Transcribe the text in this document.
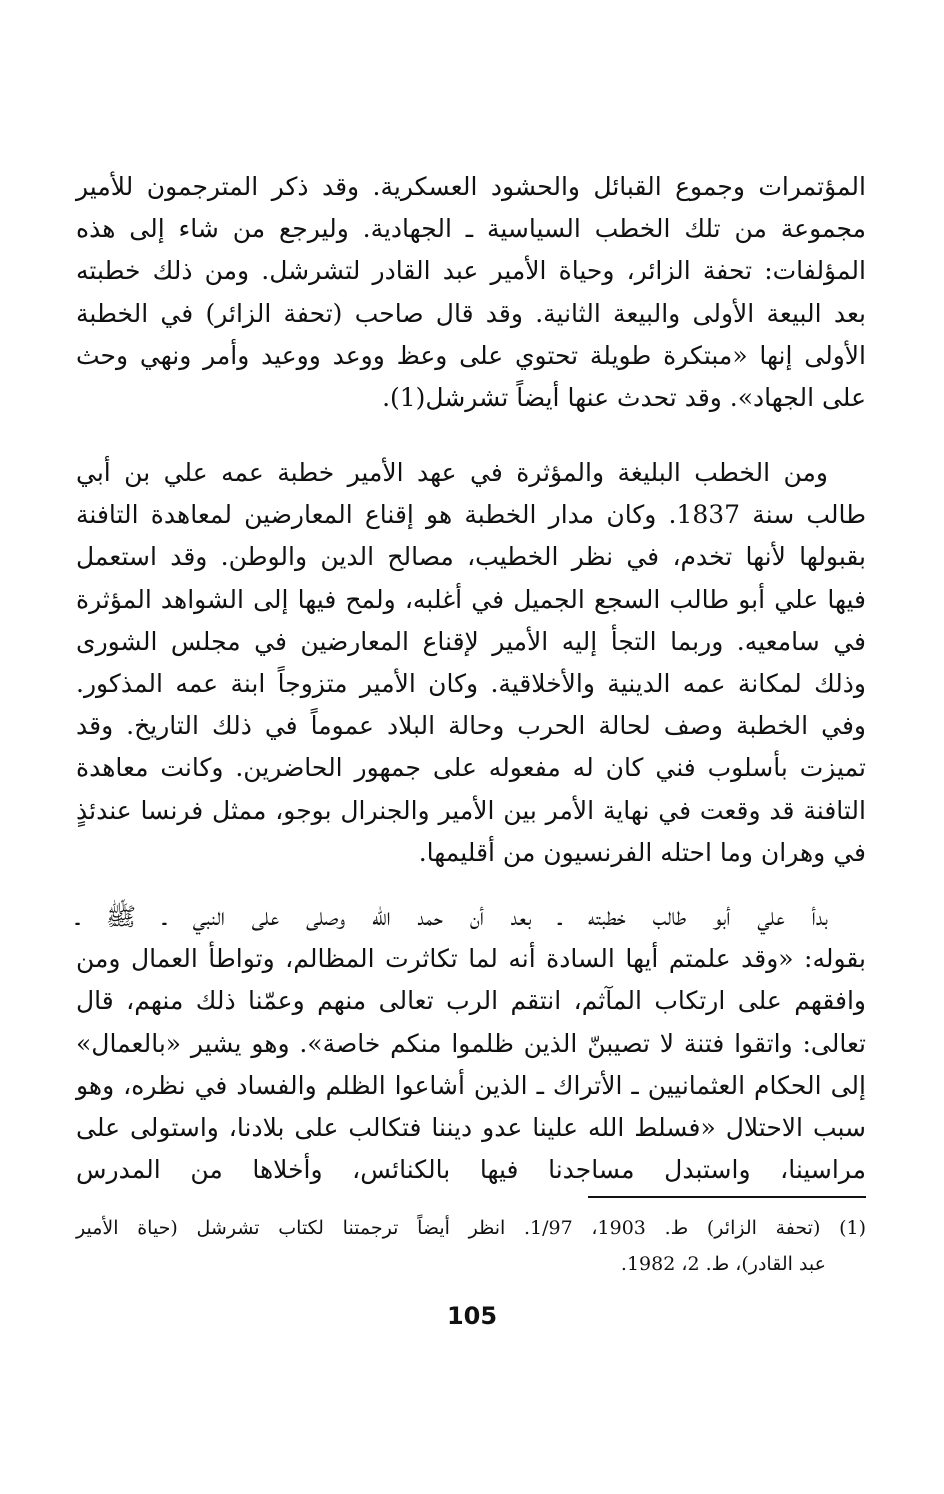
المؤتمرات وجموع القبائل والحشود العسكرية. وقد ذكر المترجمون للأمير
مجموعة من تلك الخطب السياسية ـ الجهادية. وليرجع من شاء إلى هذه
المؤلفات: تحفة الزائر، وحياة الأمير عبد القادر لتشرشل. ومن ذلك خطبته
بعد البيعة الأولى والبيعة الثانية. وقد قال صاحب (تحفة الزائر) في الخطبة
الأولى إنها «مبتكرة طويلة تحتوي على وعظ ووعد ووعيد وأمر ونهي وحث
على الجهاد». وقد تحدث عنها أيضاً تشرشل(1).
ومن الخطب البليغة والمؤثرة في عهد الأمير خطبة عمه علي بن أبي
طالب سنة 1837. وكان مدار الخطبة هو إقناع المعارضين لمعاهدة التافنة
بقبولها لأنها تخدم، في نظر الخطيب، مصالح الدين والوطن. وقد استعمل
فيها علي أبو طالب السجع الجميل في أغلبه، ولمح فيها إلى الشواهد المؤثرة
في سامعيه. وربما التجأ إليه الأمير لإقناع المعارضين في مجلس الشورى
وذلك لمكانة عمه الدينية والأخلاقية. وكان الأمير متزوجاً ابنة عمه المذكور.
وفي الخطبة وصف لحالة الحرب وحالة البلاد عموماً في ذلك التاريخ. وقد
تميزت بأسلوب فني كان له مفعوله على جمهور الحاضرين. وكانت معاهدة
التافنة قد وقعت في نهاية الأمر بين الأمير والجنرال بوجو، ممثل فرنسا عندئذٍ
في وهران وما احتله الفرنسيون من أقليمها.
بدأ علي أبو طالب خطبته ـ بعد أن حمد الله وصلى على النبي ـ ﷺ ـ
بقوله: «وقد علمتم أيها السادة أنه لما تكاثرت المظالم، وتواطأ العمال ومن
وافقهم على ارتكاب المآثم، انتقم الرب تعالى منهم وعمّنا ذلك منهم، قال
تعالى: واتقوا فتنة لا تصيبنّ الذين ظلموا منكم خاصة». وهو يشير «بالعمال»
إلى الحكام العثمانيين ـ الأتراك ـ الذين أشاعوا الظلم والفساد في نظره، وهو
سبب الاحتلال «فسلط الله علينا عدو ديننا فتكالب على بلادنا، واستولى على
مراسينا، واستبدل مساجدنا فيها بالكنائس، وأخلاها من المدرس
(1) (تحفة الزائر) ط. 1903، 1/97. انظر أيضاً ترجمتنا لكتاب تشرشل (حياة الأمير
عبد القادر)، ط. 2، 1982.
105
